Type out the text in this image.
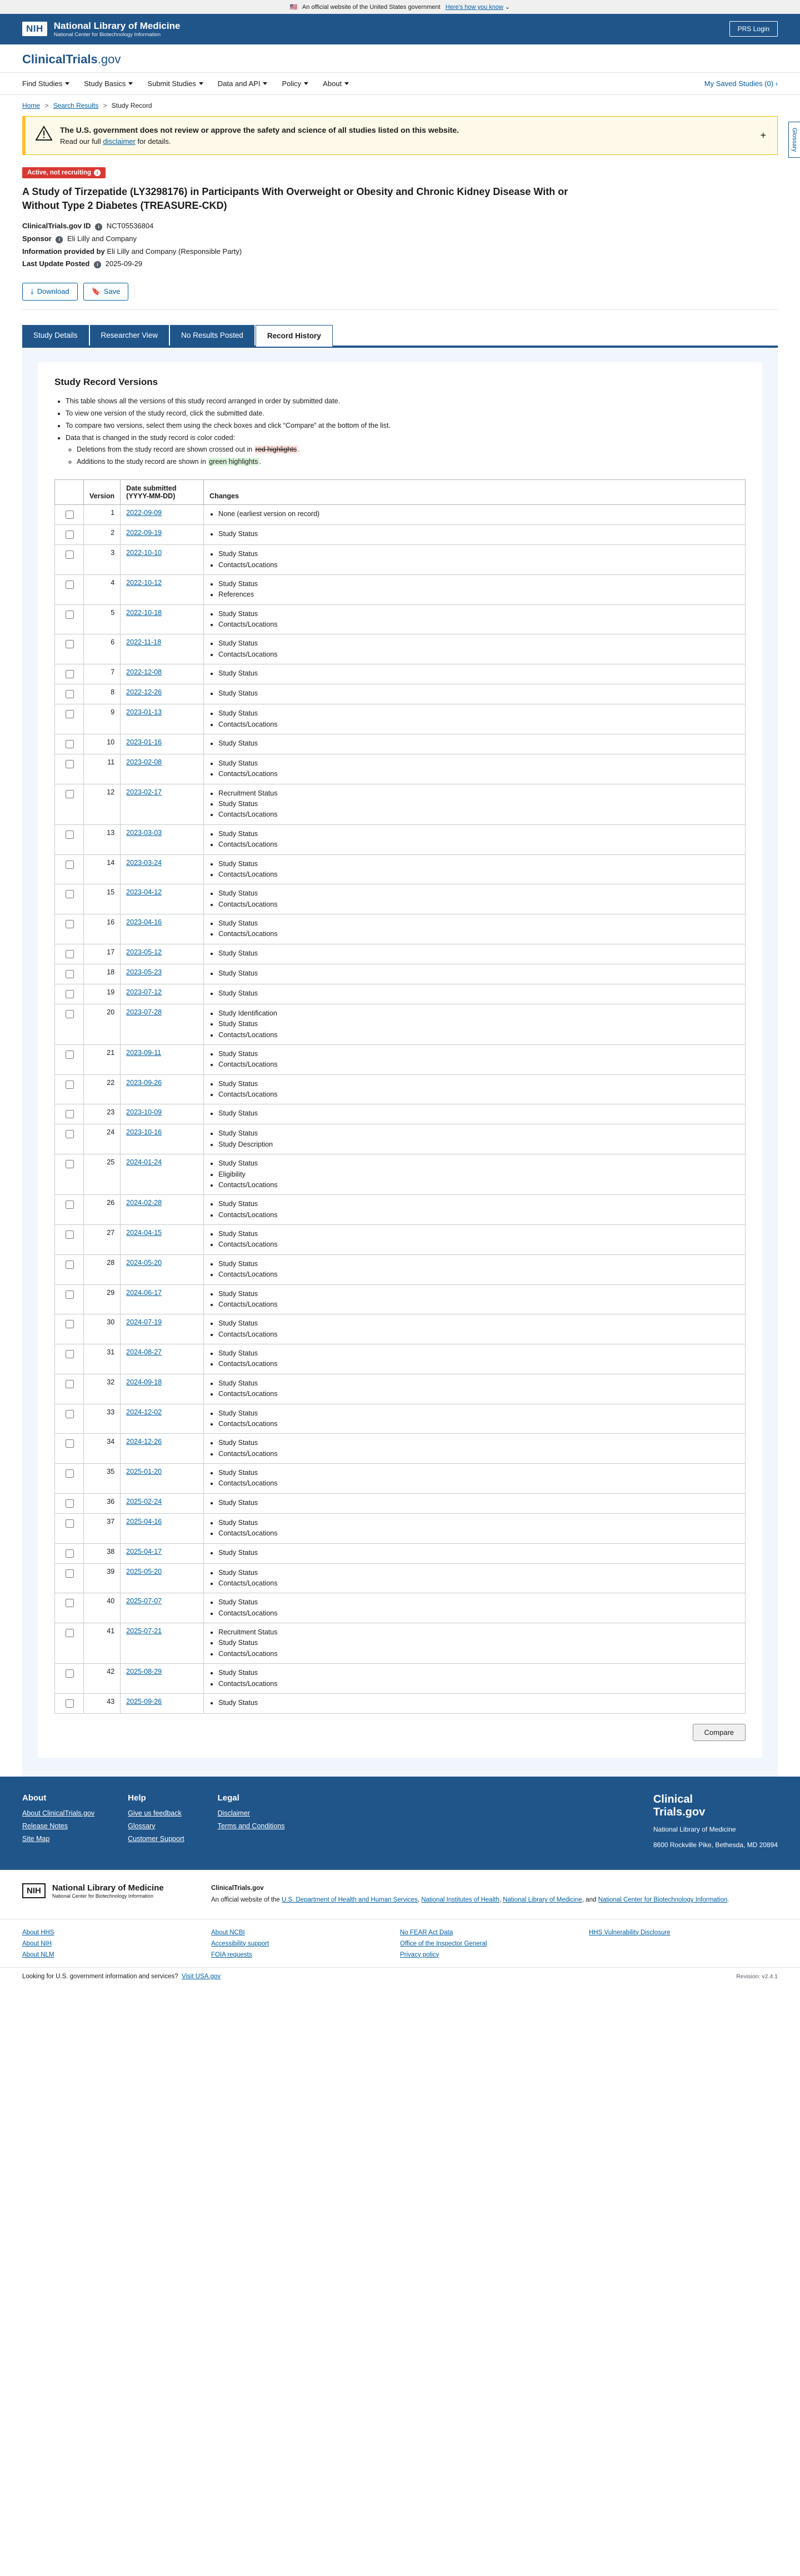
🇺🇸 An official website of the United States government Here's how you know ⌄
NIH	National Library of Medicine
National Center for Biotechnology Information
PRS Login
ClinicalTrials.gov
Find Studies	Study Basics	Submit Studies	Data and API	Policy	About	My Saved Studies (0) ›
Home > Search Results > Study Record
Glossary
The U.S. government does not review or approve the safety and science of all studies listed on this website.
Read our full disclaimer for details.
+
Active, not recruiting i
A Study of Tirzepatide (LY3298176) in Participants With Overweight or Obesity and Chronic Kidney Disease With or Without Type 2 Diabetes (TREASURE-CKD)
ClinicalTrials.gov ID i NCT05536804
Sponsor i Eli Lilly and Company
Information provided by Eli Lilly and Company (Responsible Party)
Last Update Posted i 2025-09-29
⤓ Download	🔖 Save
Study Details	Researcher View	No Results Posted	Record History
Study Record Versions
• This table shows all the versions of this study record arranged in order by submitted date.
• To view one version of the study record, click the submitted date.
• To compare two versions, select them using the check boxes and click “Compare” at the bottom of the list.
• Data that is changed in the study record is color coded:
◦ Deletions from the study record are shown crossed out in red highlights .
◦ Additions to the study record are shown in green highlights .
	Version	Date submitted (YYYY-MM-DD)	Changes
	1	2022-09-09	
•None (earliest version on record)

	2	2022-09-19	
•Study Status

	3	2022-10-10	
•Study Status
• Contacts/Locations

	4	2022-10-12	
•Study Status
• References

	5	2022-10-18	
•Study Status
• Contacts/Locations

	6	2022-11-18	
•Study Status
• Contacts/Locations

	7	2022-12-08	
•Study Status

	8	2022-12-26	
•Study Status

	9	2023-01-13	
•Study Status
• Contacts/Locations

	10	2023-01-16	
•Study Status

	11	2023-02-08	
•Study Status
• Contacts/Locations

	12	2023-02-17	
•Recruitment Status
• Study Status
• Contacts/Locations

	13	2023-03-03	
•Study Status
• Contacts/Locations

	14	2023-03-24	
•Study Status
• Contacts/Locations

	15	2023-04-12	
•Study Status
• Contacts/Locations

	16	2023-04-16	
•Study Status
• Contacts/Locations

	17	2023-05-12	
•Study Status

	18	2023-05-23	
•Study Status

	19	2023-07-12	
•Study Status

	20	2023-07-28	
•Study Identification
• Study Status
• Contacts/Locations

	21	2023-09-11	
•Study Status
• Contacts/Locations

	22	2023-09-26	
•Study Status
• Contacts/Locations

	23	2023-10-09	
•Study Status

	24	2023-10-16	
•Study Status
• Study Description

	25	2024-01-24	
•Study Status
• Eligibility
• Contacts/Locations

	26	2024-02-28	
•Study Status
• Contacts/Locations

	27	2024-04-15	
•Study Status
• Contacts/Locations

	28	2024-05-20	
•Study Status
• Contacts/Locations

	29	2024-06-17	
•Study Status
• Contacts/Locations

	30	2024-07-19	
•Study Status
• Contacts/Locations

	31	2024-08-27	
•Study Status
• Contacts/Locations

	32	2024-09-18	
•Study Status
• Contacts/Locations

	33	2024-12-02	
•Study Status
• Contacts/Locations

	34	2024-12-26	
•Study Status
• Contacts/Locations

	35	2025-01-20	
•Study Status
• Contacts/Locations

	36	2025-02-24	
•Study Status

	37	2025-04-16	
•Study Status
• Contacts/Locations

	38	2025-04-17	
•Study Status

	39	2025-05-20	
•Study Status
• Contacts/Locations

	40	2025-07-07	
•Study Status
• Contacts/Locations

	41	2025-07-21	
•Recruitment Status
• Study Status
• Contacts/Locations

	42	2025-08-29	
•Study Status
• Contacts/Locations

	43	2025-09-26	
•Study Status
Compare
About
About ClinicalTrials.gov
Release Notes
Site Map
Help
Give us feedback
Glossary
Customer Support
Legal
Disclaimer
Terms and Conditions
Clinical
Trials.gov
National Library of Medicine
8600 Rockville Pike, Bethesda, MD 20894
NIH	National Library of Medicine
National Center for Biotechnology Information
ClinicalTrials.gov
An official website of the U.S. Department of Health and Human Services, National Institutes of Health, National Library of Medicine, and National Center for Biotechnology Information.
About HHS
About NIH
About NLM
About NCBI
Accessibility support
FOIA requests
No FEAR Act Data
Office of the Inspector General
Privacy policy
HHS Vulnerability Disclosure
Looking for U.S. government information and services? Visit USA.gov	Revision: v2.4.1
